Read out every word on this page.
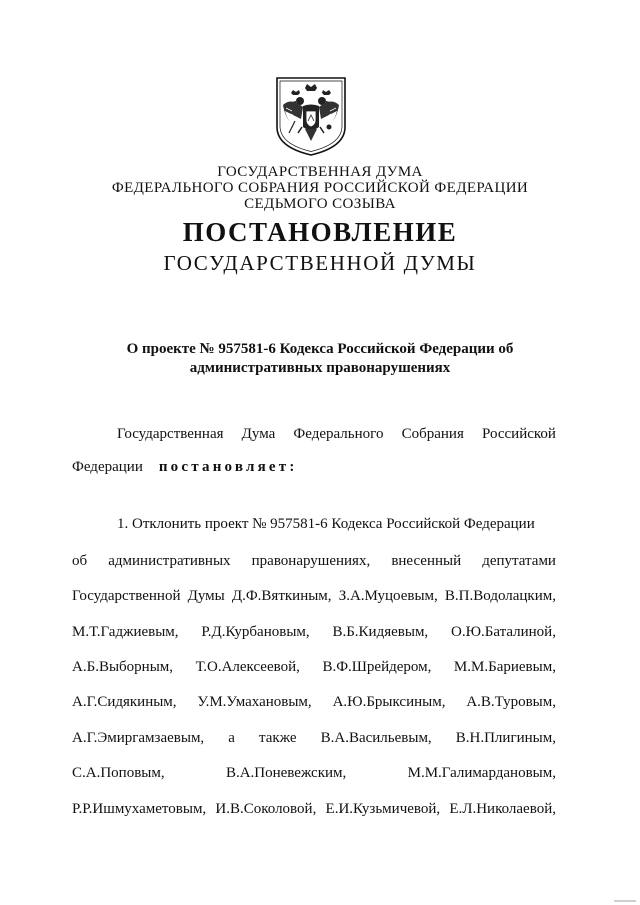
ГОСУДАРСТВЕННАЯ ДУМА
ФЕДЕРАЛЬНОГО СОБРАНИЯ РОССИЙСКОЙ ФЕДЕРАЦИИ
СЕДЬМОГО СОЗЫВА
ПОСТАНОВЛЕНИЕ
ГОСУДАРСТВЕННОЙ ДУМЫ
О проекте № 957581-6 Кодекса Российской Федерации об
административных правонарушениях
Государственная Дума Федерального Собрания Российской
Федерации постановляет:
1. Отклонить проект № 957581-6 Кодекса Российской Федерации
об административных правонарушениях, внесенный депутатами
Государственной Думы Д.Ф.Вяткиным, З.А.Муцоевым, В.П.Водолацким,
М.Т.Гаджиевым, Р.Д.Курбановым, В.Б.Кидяевым, О.Ю.Баталиной,
А.Б.Выборным, Т.О.Алексеевой, В.Ф.Шрейдером, М.М.Бариевым,
А.Г.Сидякиным, У.М.Умахановым, А.Ю.Брыксиным, А.В.Туровым,
А.Г.Эмиргамзаевым, а также В.А.Васильевым, В.Н.Плигиным,
С.А.Поповым,	В.А.Поневежским,	М.М.Галимардановым,
Р.Р.Ишмухаметовым, И.В.Соколовой, Е.И.Кузьмичевой, Е.Л.Николаевой,
